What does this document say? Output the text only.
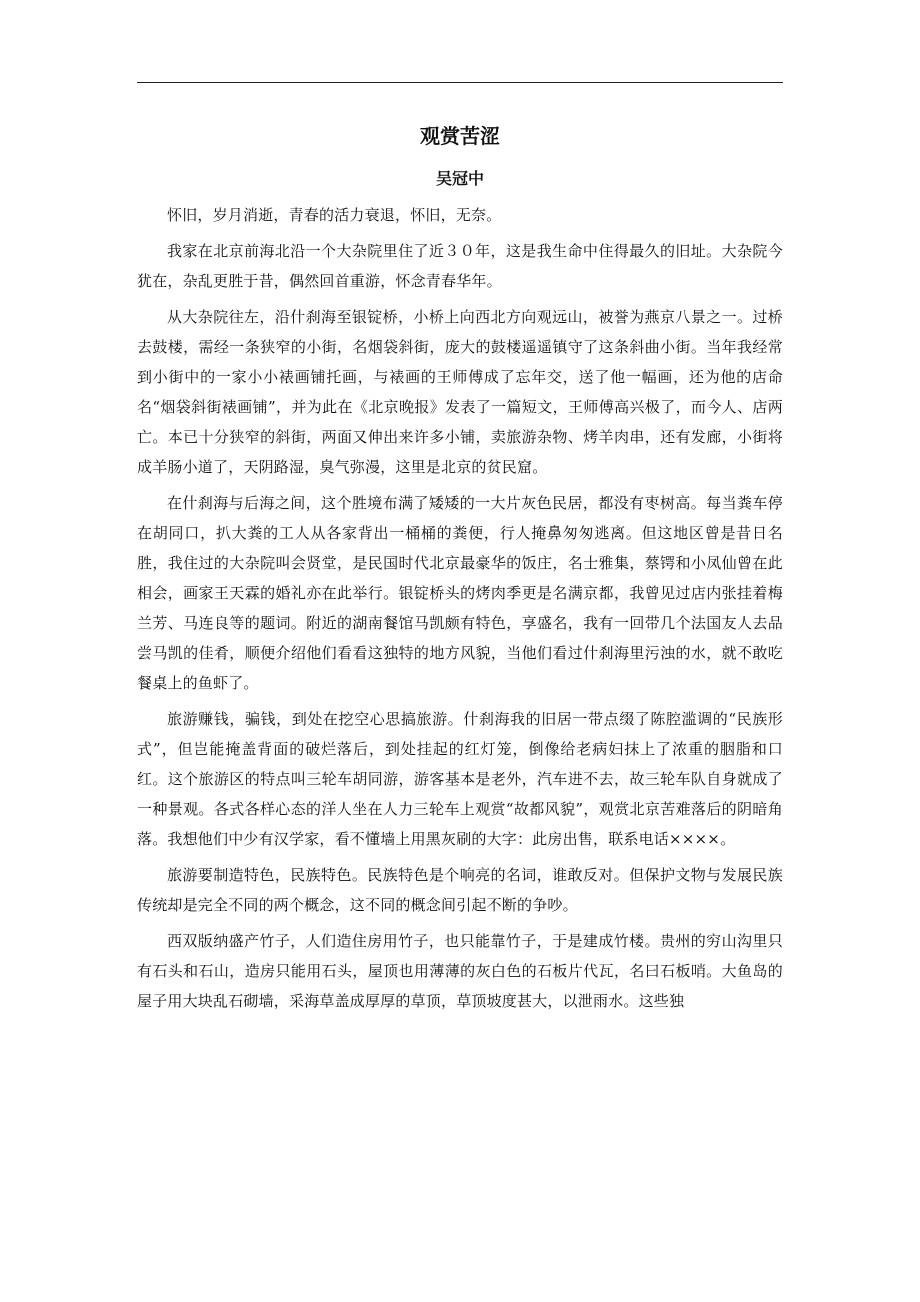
观赏苦涩
吴冠中

怀旧，岁月消逝，青春的活力衰退，怀旧，无奈。

我家在北京前海北沿一个大杂院里住了近３０年，这是我生命中住得最久的旧址。大杂院今犹在，杂乱更胜于昔，偶然回首重游，怀念青春华年。

从大杂院往左，沿什刹海至银锭桥，小桥上向西北方向观远山，被誉为燕京八景之一。过桥去鼓楼，需经一条狭窄的小街，名烟袋斜街，庞大的鼓楼遥遥镇守了这条斜曲小街。当年我经常到小街中的一家小小裱画铺托画，与裱画的王师傅成了忘年交，送了他一幅画，还为他的店命名“烟袋斜街裱画铺”，并为此在《北京晚报》发表了一篇短文，王师傅高兴极了，而今人、店两亡。本已十分狭窄的斜街，两面又伸出来许多小铺，卖旅游杂物、烤羊肉串，还有发廊，小街将成羊肠小道了，天阴路湿，臭气弥漫，这里是北京的贫民窟。

在什刹海与后海之间，这个胜境布满了矮矮的一大片灰色民居，都没有枣树高。每当粪车停在胡同口，扒大粪的工人从各家背出一桶桶的粪便，行人掩鼻匆匆逃离。但这地区曾是昔日名胜，我住过的大杂院叫会贤堂，是民国时代北京最豪华的饭庄，名士雅集，蔡锷和小凤仙曾在此相会，画家王天霖的婚礼亦在此举行。银锭桥头的烤肉季更是名满京都，我曾见过店内张挂着梅兰芳、马连良等的题词。附近的湖南餐馆马凯颇有特色，享盛名，我有一回带几个法国友人去品尝马凯的佳肴，顺便介绍他们看看这独特的地方风貌，当他们看过什刹海里污浊的水，就不敢吃餐桌上的鱼虾了。

旅游赚钱，骗钱，到处在挖空心思搞旅游。什刹海我的旧居一带点缀了陈腔滥调的“民族形式”，但岂能掩盖背面的破烂落后，到处挂起的红灯笼，倒像给老病妇抹上了浓重的胭脂和口红。这个旅游区的特点叫三轮车胡同游，游客基本是老外，汽车进不去，故三轮车队自身就成了一种景观。各式各样心态的洋人坐在人力三轮车上观赏“故都风貌”，观赏北京苦难落后的阴暗角落。我想他们中少有汉学家，看不懂墙上用黑灰刷的大字：此房出售，联系电话××××。

旅游要制造特色，民族特色。民族特色是个响亮的名词，谁敢反对。但保护文物与发展民族传统却是完全不同的两个概念，这不同的概念间引起不断的争吵。

西双版纳盛产竹子，人们造住房用竹子，也只能靠竹子，于是建成竹楼。贵州的穷山沟里只有石头和石山，造房只能用石头，屋顶也用薄薄的灰白色的石板片代瓦，名曰石板哨。大鱼岛的屋子用大块乱石砌墙，采海草盖成厚厚的草顶，草顶坡度甚大，以泄雨水。这些独
